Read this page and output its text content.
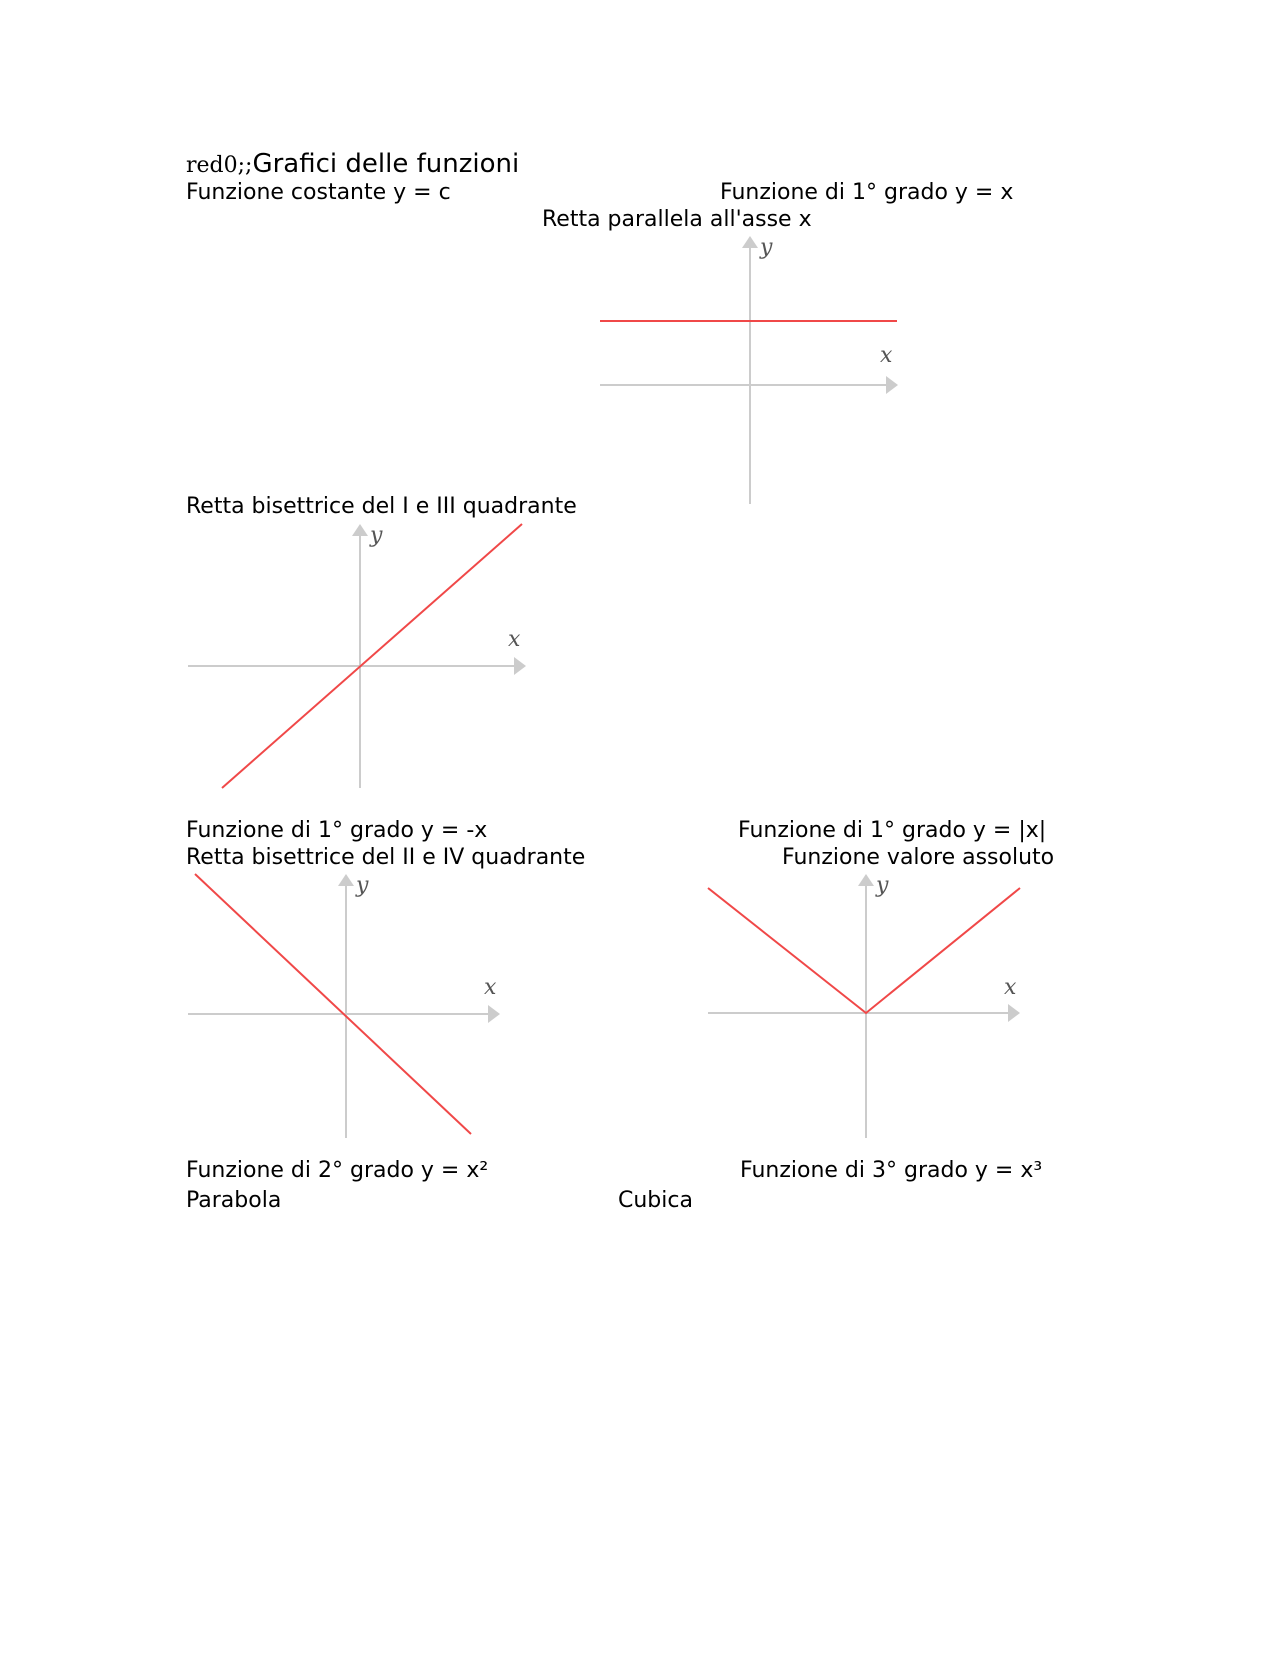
red0;;Grafici delle funzioni
Funzione costante y = c	Funzione di 1° grado y = x
Retta parallela all'asse x
y
x
Retta bisettrice del I e III quadrante
y
x
Funzione di 1° grado y = -x	Funzione di 1° grado y = |x|
Retta bisettrice del II e IV quadrante	Funzione valore assoluto
y
x
y
x
Funzione di 2° grado y = x²	Funzione di 3° grado y = x³
Parabola	Cubica
